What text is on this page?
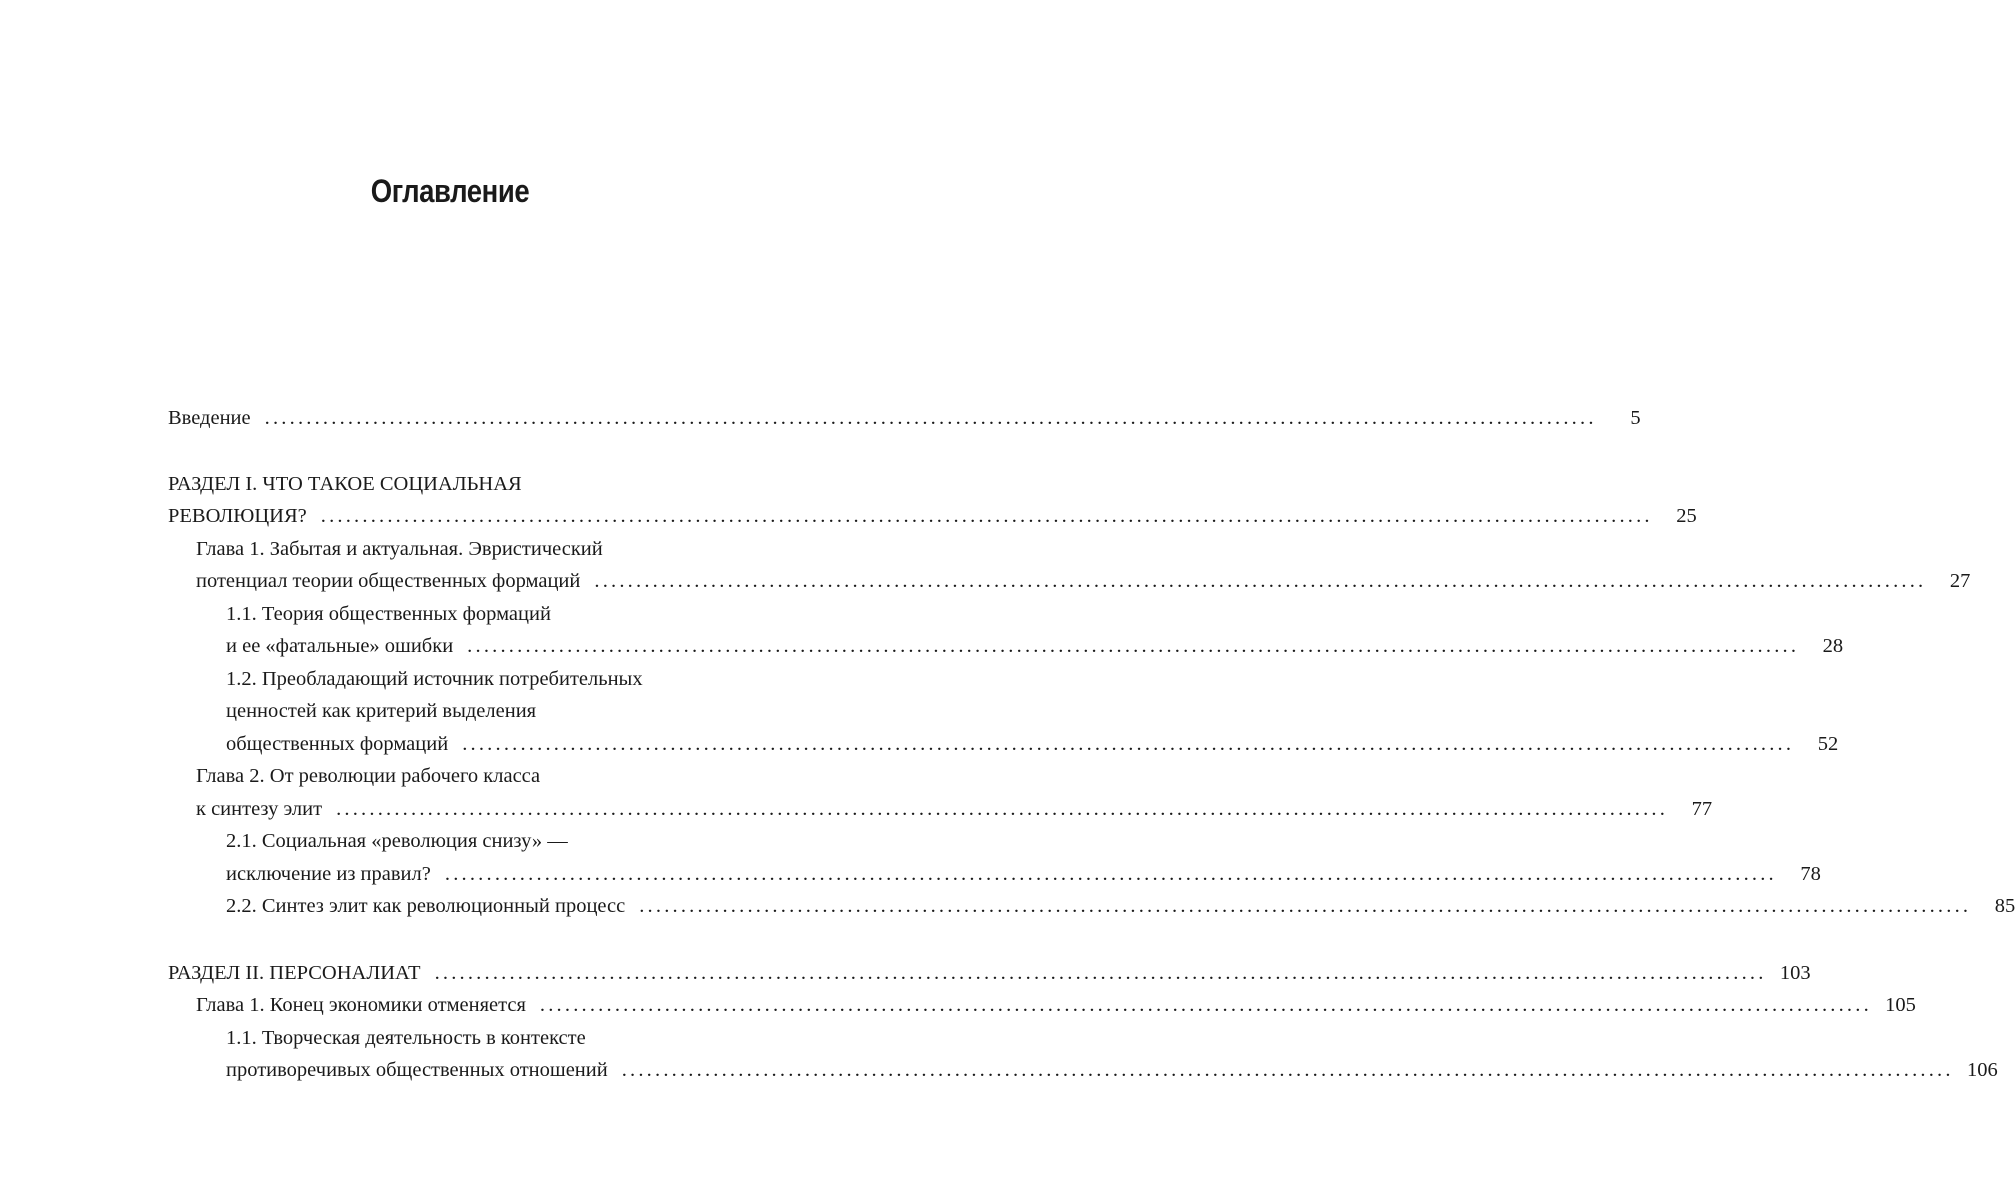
Оглавление
Введение ................................................................................................................................................................	5
РАЗДЕЛ I. ЧТО ТАКОЕ СОЦИАЛЬНАЯ
РЕВОЛЮЦИЯ? ................................................................................................................................................................	25
Глава 1. Забытая и актуальная. Эвристический
потенциал теории общественных формаций ................................................................................................................................................................	27
1.1. Теория общественных формаций
и ее «фатальные» ошибки ................................................................................................................................................................	28
1.2. Преобладающий источник потребительных
ценностей как критерий выделения
общественных формаций ................................................................................................................................................................	52
Глава 2. От революции рабочего класса
к синтезу элит ................................................................................................................................................................	77
2.1. Социальная «революция снизу» —
исключение из правил? ................................................................................................................................................................	78
2.2. Синтез элит как революционный процесс ................................................................................................................................................................	85
РАЗДЕЛ II. ПЕРСОНАЛИАТ ................................................................................................................................................................ 103
Глава 1. Конец экономики отменяется ................................................................................................................................................................ 105
1.1. Творческая деятельность в контексте
противоречивых общественных отношений ................................................................................................................................................................ 106
